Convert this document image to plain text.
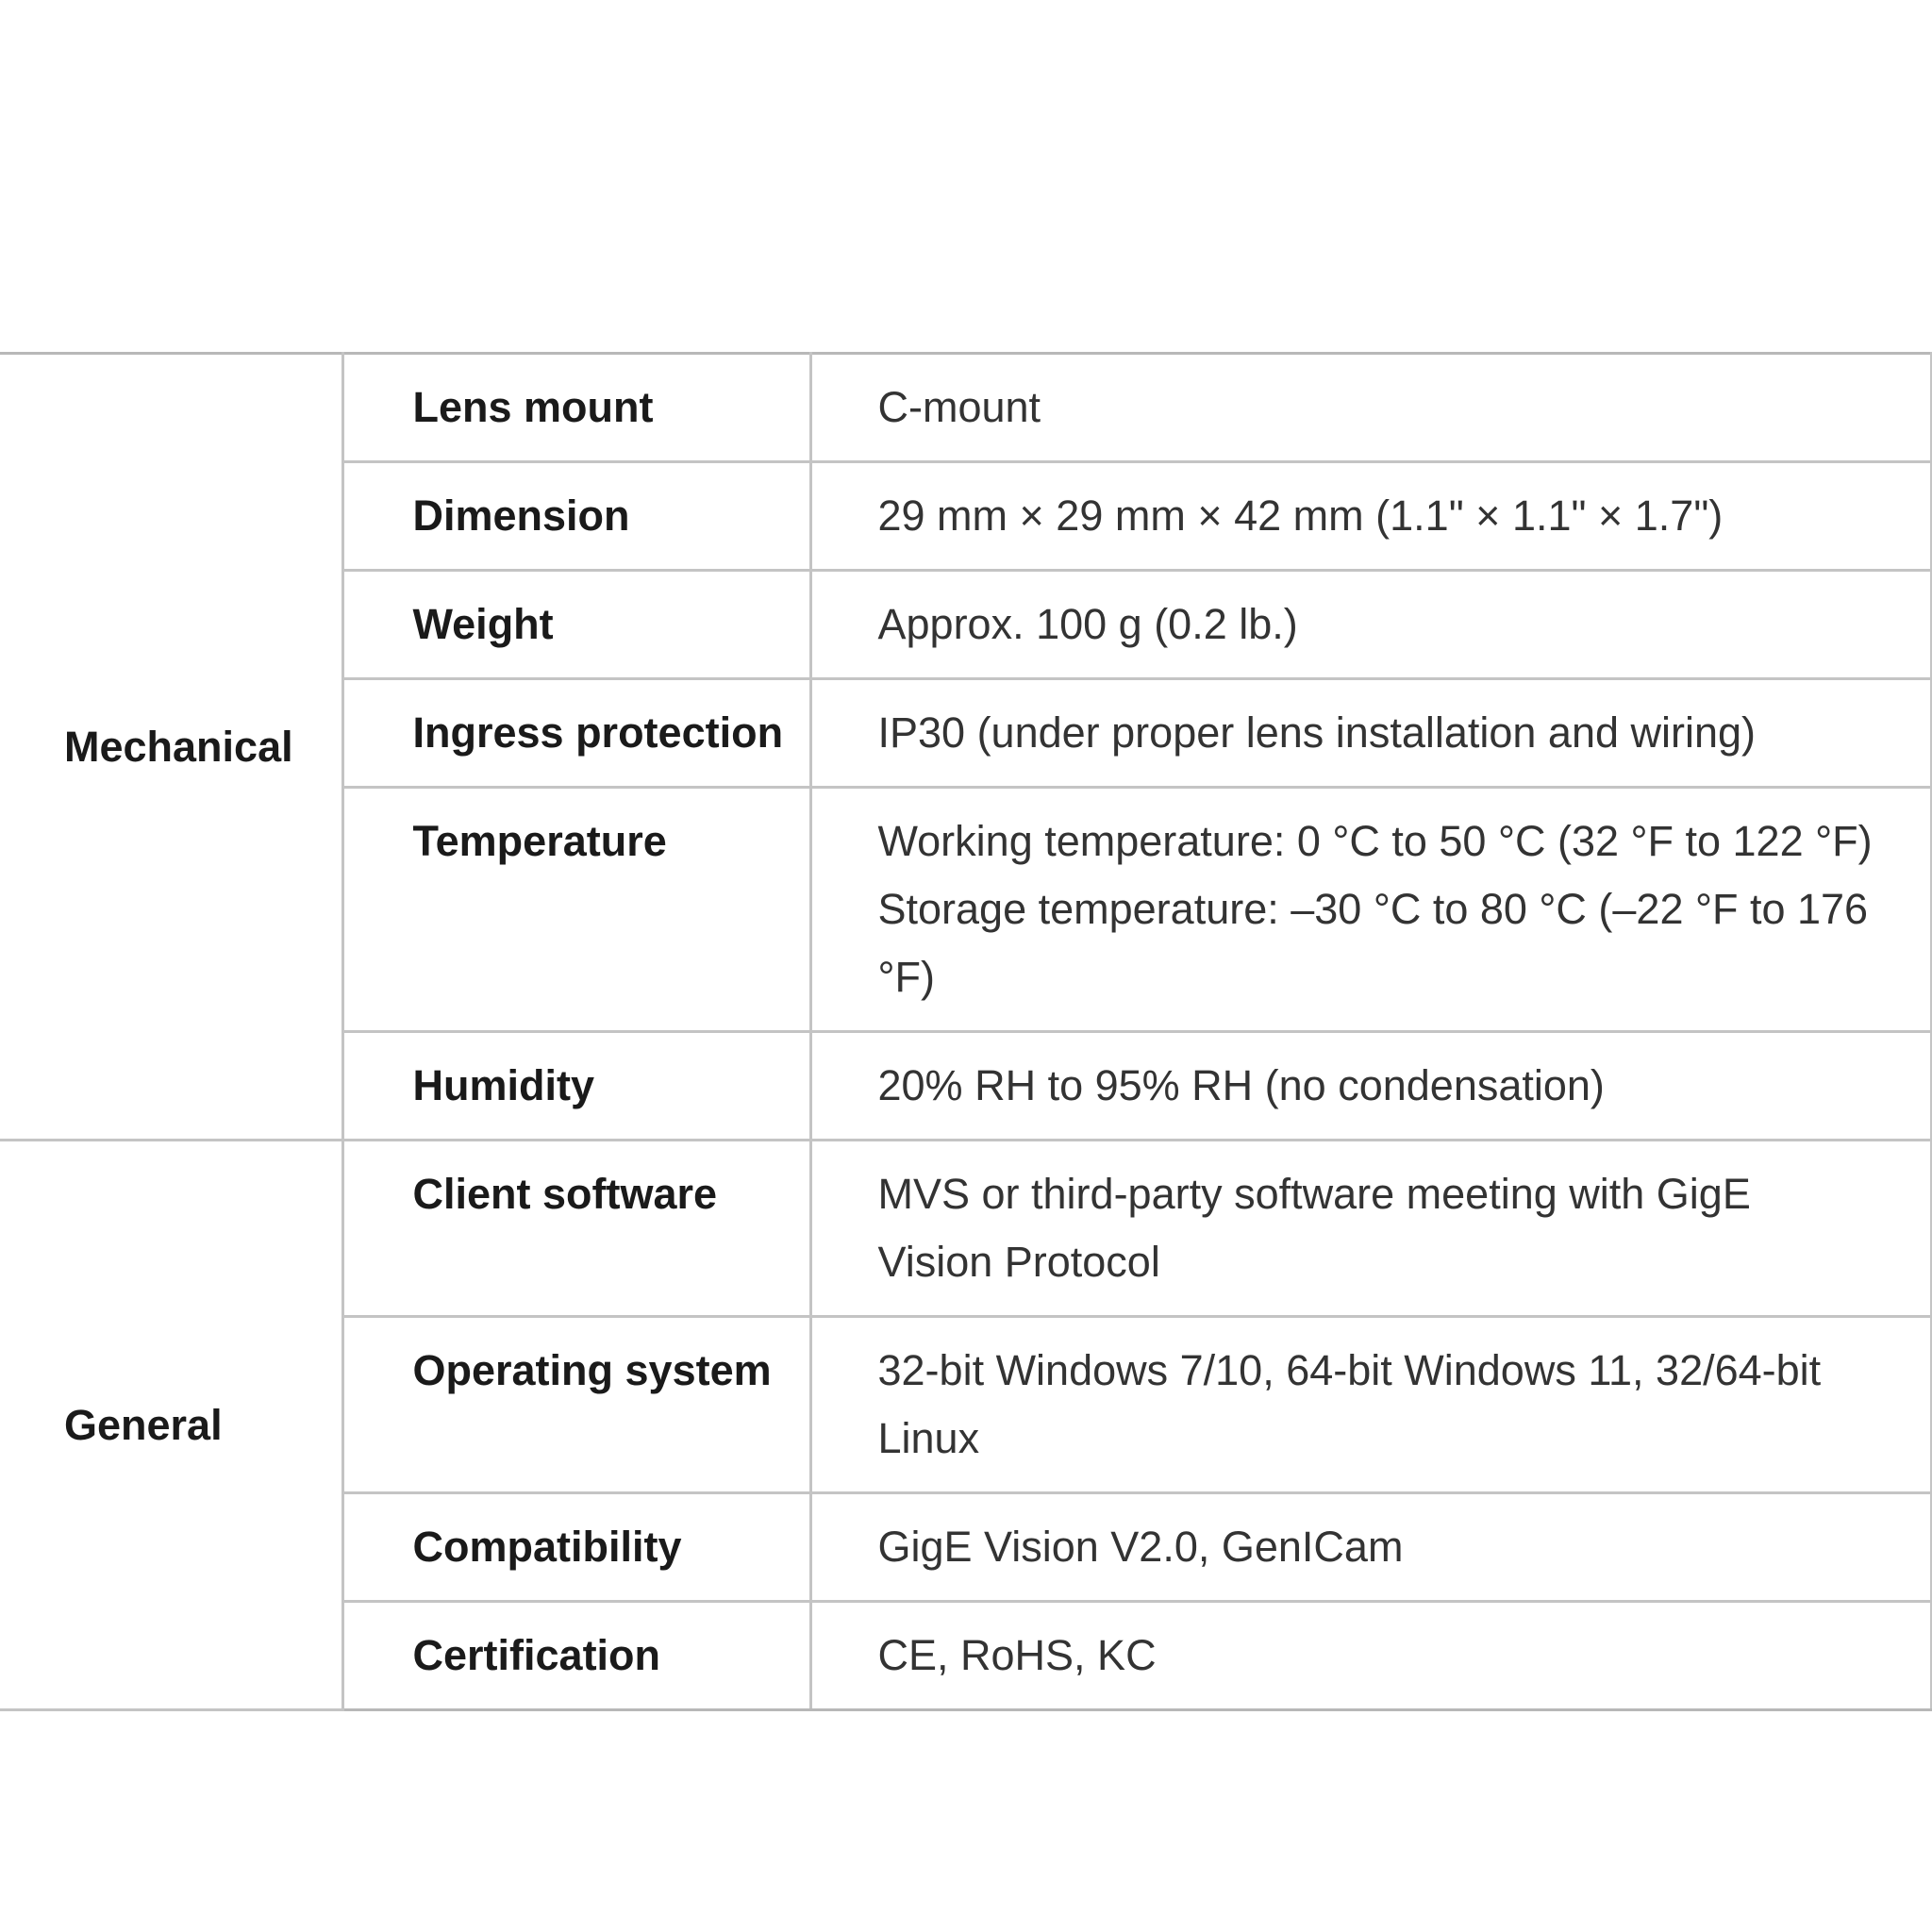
Mechanical	Lens mount	C-mount

	Dimension	29 mm × 29 mm × 42 mm (1.1" × 1.1" × 1.7")

	Weight	Approx. 100 g (0.2 lb.)

	Ingress protection	IP30 (under proper lens installation and wiring)

	Temperature	Working temperature: 0 °C to 50 °C (32 °F to 122 °F)
Storage temperature: –30 °C to 80 °C (–22 °F to 176 °F)

	Humidity	20% RH to 95% RH (no condensation)

General	Client software	MVS or third-party software meeting with GigE
Vision Protocol

	Operating system	32-bit Windows 7/10, 64-bit Windows 11, 32/64-bit Linux

	Compatibility	GigE Vision V2.0, GenICam

	Certification	CE, RoHS, KC
